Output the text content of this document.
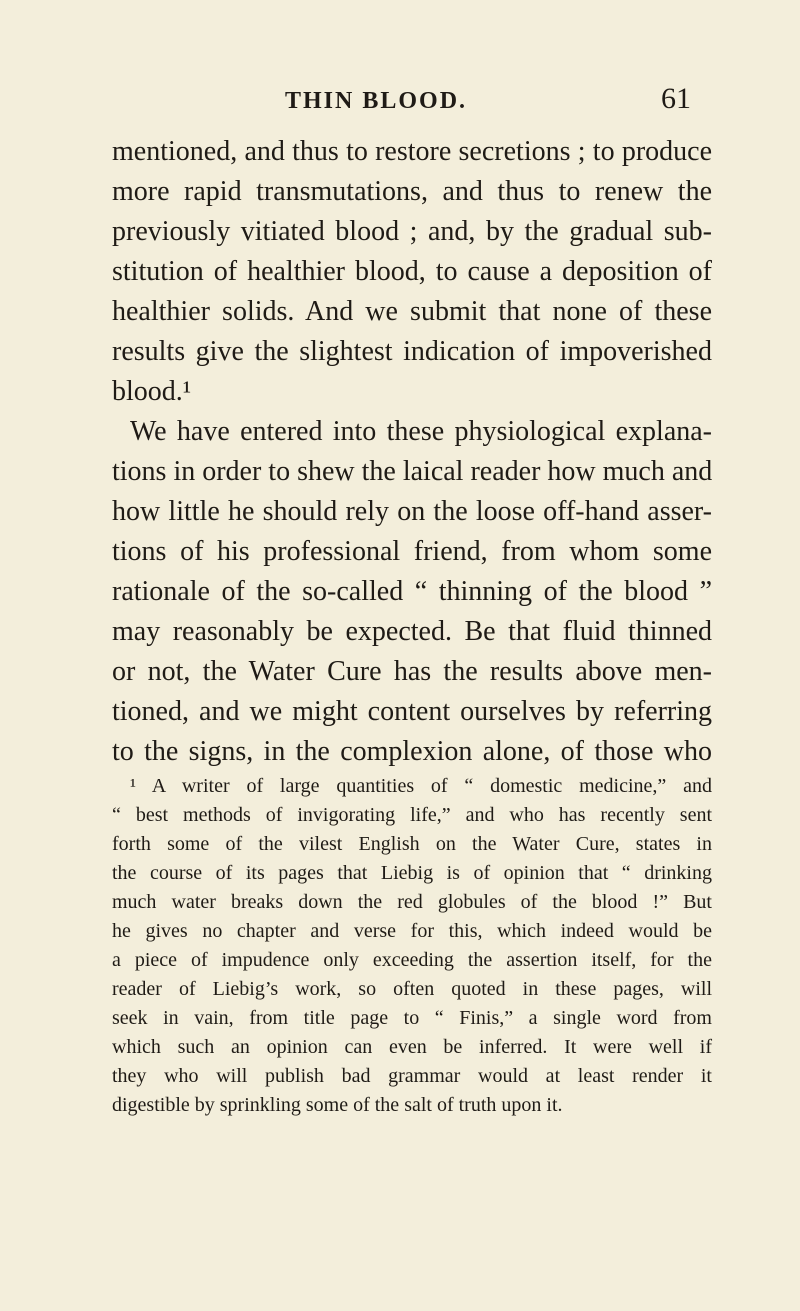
THIN BLOOD.	61
mentioned, and thus to restore secretions ; to produce
more rapid transmutations, and thus to renew the
previously vitiated blood ; and, by the gradual sub-
stitution of healthier blood, to cause a deposition of
healthier solids. And we submit that none of these
results give the slightest indication of impoverished
blood.¹
We have entered into these physiological explana-
tions in order to shew the laical reader how much and
how little he should rely on the loose off-hand asser-
tions of his professional friend, from whom some
rationale of the so-called “ thinning of the blood ”
may reasonably be expected. Be that fluid thinned
or not, the Water Cure has the results above men-
tioned, and we might content ourselves by referring
to the signs, in the complexion alone, of those who
¹ A writer of large quantities of “ domestic medicine,” and
“ best methods of invigorating life,” and who has recently sent
forth some of the vilest English on the Water Cure, states in
the course of its pages that Liebig is of opinion that “ drinking
much water breaks down the red globules of the blood !” But
he gives no chapter and verse for this, which indeed would be
a piece of impudence only exceeding the assertion itself, for the
reader of Liebig’s work, so often quoted in these pages, will
seek in vain, from title page to “ Finis,” a single word from
which such an opinion can even be inferred. It were well if
they who will publish bad grammar would at least render it
digestible by sprinkling some of the salt of truth upon it.
